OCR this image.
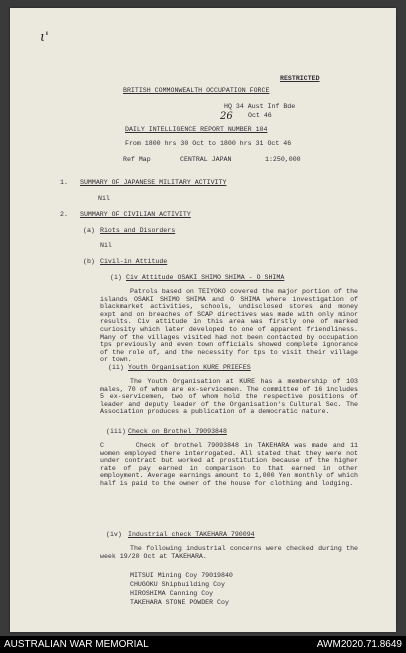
ι'
RESTRICTED
BRITISH COMMONWEALTH OCCUPATION FORCE
HQ 34 Aust Inf Bde
26 Oct 46
DAILY INTELLIGENCE REPORT NUMBER 104
From 1800 hrs 30 Oct to 1800 hrs 31 Oct 46
Ref Map	CENTRAL JAPAN	1:250,000
1. SUMMARY OF JAPANESE MILITARY ACTIVITY
Nil
2. SUMMARY OF CIVILIAN ACTIVITY
(a) Riots and Disorders
Nil
(b) Civil-in Attitude
(i) Civ Attitude OSAKI SHIMO SHIMA - O SHIMA
Patrols based on TEIYOKO covered the major portion of the islands OSAKI SHIMO SHIMA and O SHIMA where investigation of blackmarket activities, schools, undisclosed stores and money expt and on breaches of SCAP directives was made with only minor results. Civ attitude in this area was firstly one of marked curiosity which later developed to one of apparent friendliness. Many of the villages visited had not been contacted by occupation tps previously and even town officials showed complete ignorance of the role of, and the necessity for tps to visit their village or town.
(ii) Youth Organisation KURE PRIEFES
The Youth Organisation at KURE has a membership of 103 males, 70 of whom are ex-servicemen. The committee of 16 includes 5 ex-servicemen, two of whom hold the respective positions of leader and deputy leader of the Organisation's Cultural Sec. The Association produces a publication of a democratic nature.
(iii) Check on Brothel 79093848
C      Check of brothel 79093848 in TAKEHARA was made and 11 women employed there interrogated. All stated that they were not under contract but worked at prostitution because of the higher rate of pay earned in comparison to that earned in other employment. Average earnings amount to 1,000 Yen monthly of which half is paid to the owner of the house for clothing and lodging.
(iv) Industrial check TAKEHARA 790094
The following industrial concerns were checked during the week 19/20 Oct at TAKEHARA.
MITSUI Mining Coy 79019840
CHUGOKU Shipbuilding Coy
HIROSHIMA Canning Coy
TAKEHARA STONE POWDER Coy
AUSTRALIAN WAR MEMORIAL	AWM2020.71.8649
